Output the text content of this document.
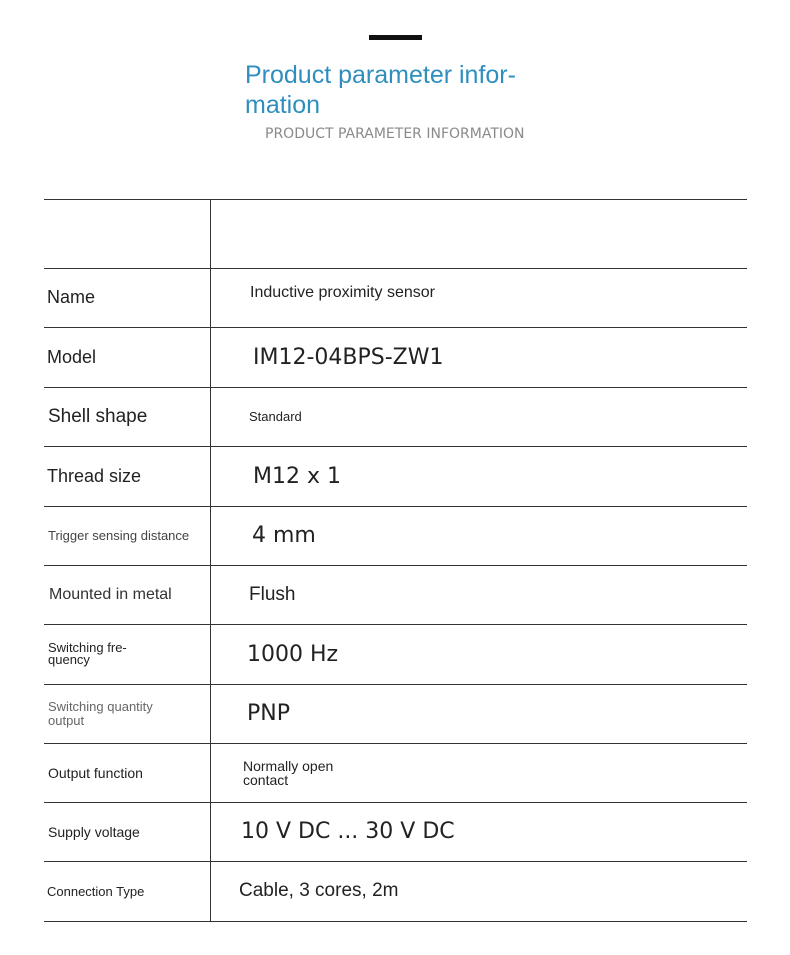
Product parameter infor-mation
PRODUCT PARAMETER INFORMATION
Name	Inductive proximity sensor
Model	IM12-04BPS-ZW1
Shell shape	Standard
Thread size	M12 x 1
Trigger sensing distance	4 mm
Mounted in metal	Flush
Switching fre-quency	1000 Hz
Switching quantity output	PNP
Output function	Normally open contact
Supply voltage	10 V DC ... 30 V DC
Connection Type	Cable, 3 cores, 2m
